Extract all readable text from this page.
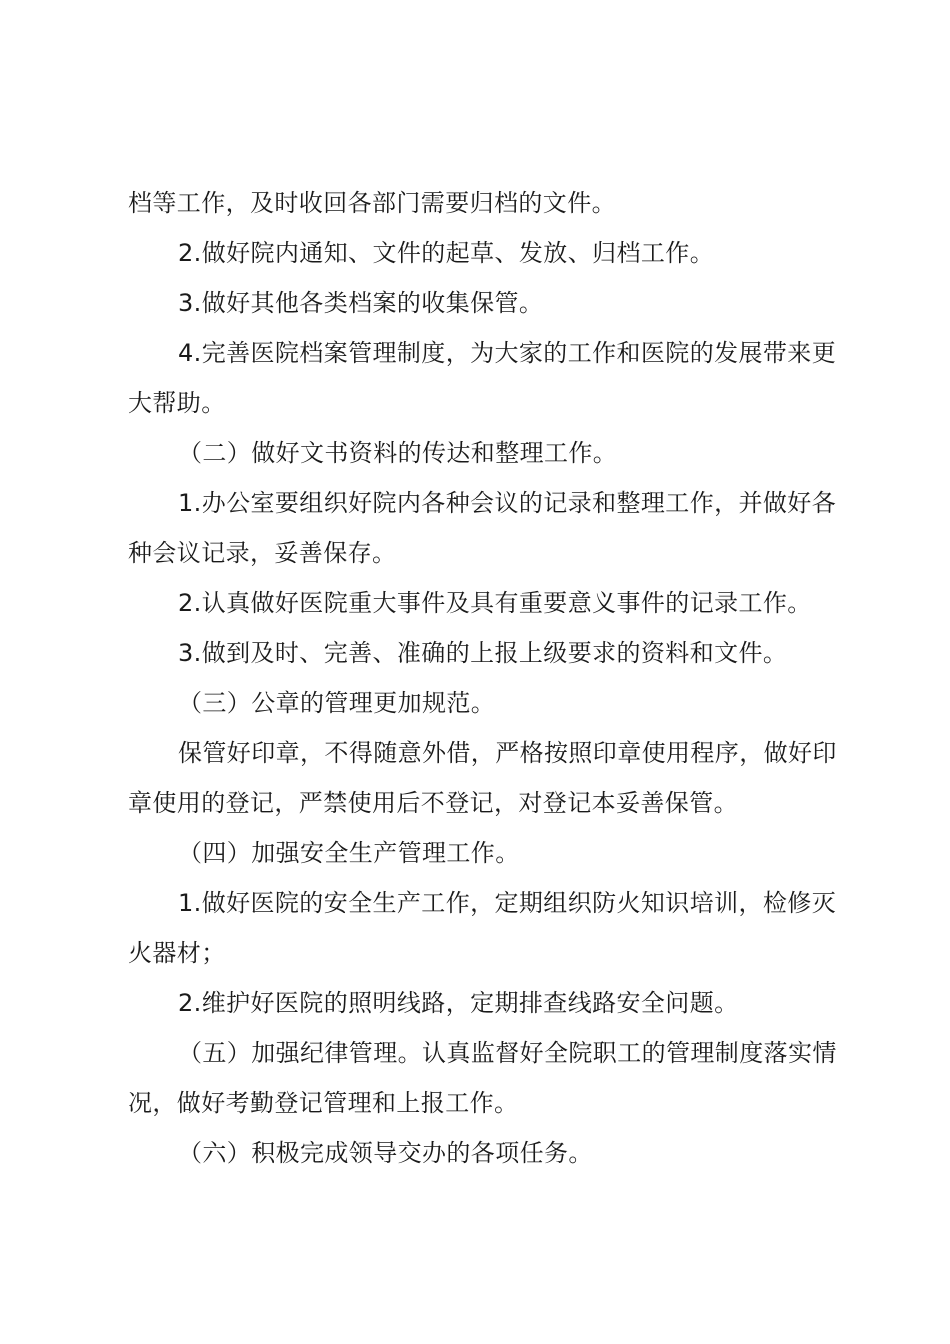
档等工作，及时收回各部门需要归档的文件。

2.做好院内通知、文件的起草、发放、归档工作。

3.做好其他各类档案的收集保管。

4.完善医院档案管理制度，为大家的工作和医院的发展带来更大帮助。

（二）做好文书资料的传达和整理工作。

1.办公室要组织好院内各种会议的记录和整理工作，并做好各种会议记录，妥善保存。

2.认真做好医院重大事件及具有重要意义事件的记录工作。

3.做到及时、完善、准确的上报上级要求的资料和文件。

（三）公章的管理更加规范。

保管好印章，不得随意外借，严格按照印章使用程序，做好印章使用的登记，严禁使用后不登记，对登记本妥善保管。

（四）加强安全生产管理工作。

1.做好医院的安全生产工作，定期组织防火知识培训，检修灭火器材；

2.维护好医院的照明线路，定期排查线路安全问题。

（五）加强纪律管理。认真监督好全院职工的管理制度落实情况，做好考勤登记管理和上报工作。

（六）积极完成领导交办的各项任务。
